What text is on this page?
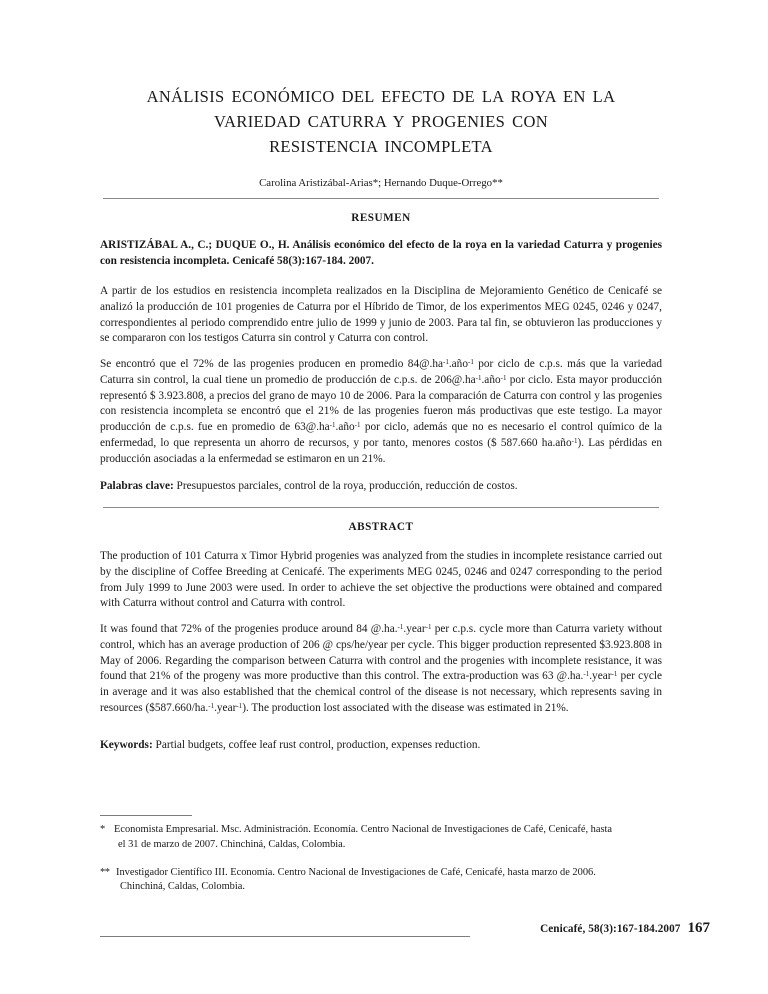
ANÁLISIS ECONÓMICO DEL EFECTO DE LA ROYA EN LA
VARIEDAD CATURRA Y PROGENIES CON
RESISTENCIA INCOMPLETA

Carolina Aristizábal-Arias*; Hernando Duque-Orrego**

RESUMEN

ARISTIZÁBAL A., C.; DUQUE O., H. Análisis económico del efecto de la roya en la variedad Caturra y progenies con resistencia incompleta. Cenicafé 58(3):167-184. 2007.

A partir de los estudios en resistencia incompleta realizados en la Disciplina de Mejoramiento Genético de Cenicafé se analizó la producción de 101 progenies de Caturra por el Híbrido de Timor, de los experimentos MEG 0245, 0246 y 0247, correspondientes al periodo comprendido entre julio de 1999 y junio de 2003. Para tal fin, se obtuvieron las producciones y se compararon con los testigos Caturra sin control y Caturra con control.

Se encontró que el 72% de las progenies producen en promedio $84@.ha^{-1}.año^{-1}$ por ciclo de c.p.s. más que la variedad Caturra sin control, la cual tiene un promedio de producción de c.p.s. de $206@.ha^{-1}.año^{-1}$ por ciclo. Esta mayor producción representó $ 3.923.808, a precios del grano de mayo 10 de 2006. Para la comparación de Caturra con control y las progenies con resistencia incompleta se encontró que el 21% de las progenies fueron más productivas que este testigo. La mayor producción de c.p.s. fue en promedio de $63@.ha^{-1}.año^{-1}$ por ciclo, además que no es necesario el control químico de la enfermedad, lo que representa un ahorro de recursos, y por tanto, menores costos ($ 587.660 ha.año$^{-1}$). Las pérdidas en producción asociadas a la enfermedad se estimaron en un 21%.

Palabras clave: Presupuestos parciales, control de la roya, producción, reducción de costos.

ABSTRACT

The production of 101 Caturra x Timor Hybrid progenies was analyzed from the studies in incomplete resistance carried out by the discipline of Coffee Breeding at Cenicafé. The experiments MEG 0245, 0246 and 0247 corresponding to the period from July 1999 to June 2003 were used. In order to achieve the set objective the productions were obtained and compared with Caturra without control and Caturra with control.

It was found that 72% of the progenies produce around 84 @.ha.$^{-1}$.year$^{-1}$ per c.p.s. cycle more than Caturra variety without control, which has an average production of 206 @ cps/he/year per cycle. This bigger production represented $3.923.808 in May of 2006. Regarding the comparison between Caturra with control and the progenies with incomplete resistance, it was found that 21% of the progeny was more productive than this control. The extra-production was 63 @.ha.$^{-1}$.year$^{-1}$ per cycle in average and it was also established that the chemical control of the disease is not necessary, which represents saving in resources ($587.660/ha.$^{-1}$.year$^{-1}$). The production lost associated with the disease was estimated in 21%.

Keywords: Partial budgets, coffee leaf rust control, production, expenses reduction.

* Economista Empresarial. Msc. Administración. Economía. Centro Nacional de Investigaciones de Café, Cenicafé, hasta
el 31 de marzo de 2007. Chinchiná, Caldas, Colombia.

** Investigador Científico III. Economía. Centro Nacional de Investigaciones de Café, Cenicafé, hasta marzo de 2006.
Chinchiná, Caldas, Colombia.

Cenicafé, 58(3):167-184.2007 167
